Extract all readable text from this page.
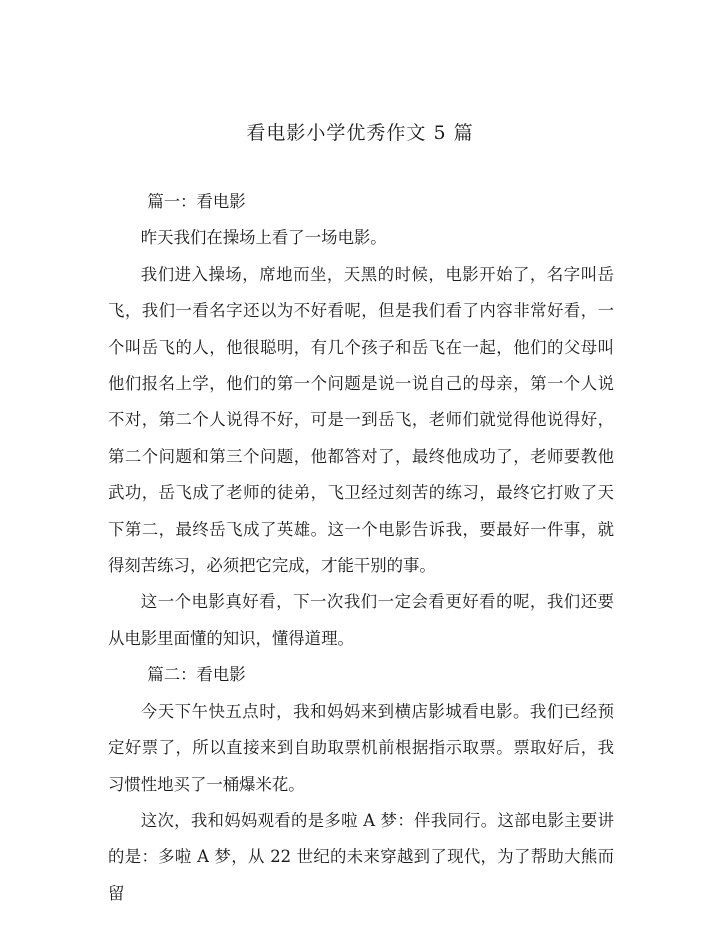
看电影小学优秀作文 5 篇

篇一：看电影

昨天我们在操场上看了一场电影。

我们进入操场，席地而坐，天黑的时候，电影开始了，名字叫岳飞，我们一看名字还以为不好看呢，但是我们看了内容非常好看，一个叫岳飞的人，他很聪明，有几个孩子和岳飞在一起，他们的父母叫他们报名上学，他们的第一个问题是说一说自己的母亲，第一个人说不对，第二个人说得不好，可是一到岳飞，老师们就觉得他说得好，第二个问题和第三个问题，他都答对了，最终他成功了，老师要教他武功，岳飞成了老师的徒弟，飞卫经过刻苦的练习，最终它打败了天下第二，最终岳飞成了英雄。这一个电影告诉我，要最好一件事，就得刻苦练习，必须把它完成，才能干别的事。

这一个电影真好看，下一次我们一定会看更好看的呢，我们还要从电影里面懂的知识，懂得道理。

篇二：看电影

今天下午快五点时，我和妈妈来到横店影城看电影。我们已经预定好票了，所以直接来到自助取票机前根据指示取票。票取好后，我习惯性地买了一桶爆米花。

这次，我和妈妈观看的是多啦 A 梦：伴我同行。这部电影主要讲的是：多啦 A 梦，从 22 世纪的未来穿越到了现代，为了帮助大熊而留
